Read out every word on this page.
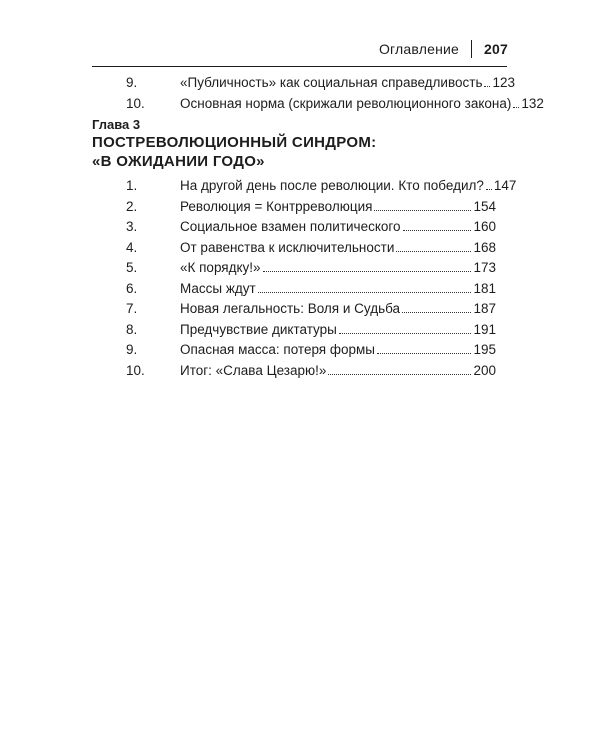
Оглавление 207
9.	«Публичность» как социальная справедливость 123
10.	Основная норма (скрижали революционного закона) 132
Глава 3
ПОСТРЕВОЛЮЦИОННЫЙ СИНДРОМ:
«В ОЖИДАНИИ ГОДО»
1.	На другой день после революции. Кто победил? 147
2.	Революция = Контрреволюция	154
3.	Социальное взамен политического	160
4.	От равенства к исключительности	168
5.	«К порядку!»	173
6.	Массы ждут	181
7.	Новая легальность: Воля и Судьба	187
8.	Предчувствие диктатуры	191
9.	Опасная масса: потеря формы	195
10.	Итог: «Слава Цезарю!»	200
